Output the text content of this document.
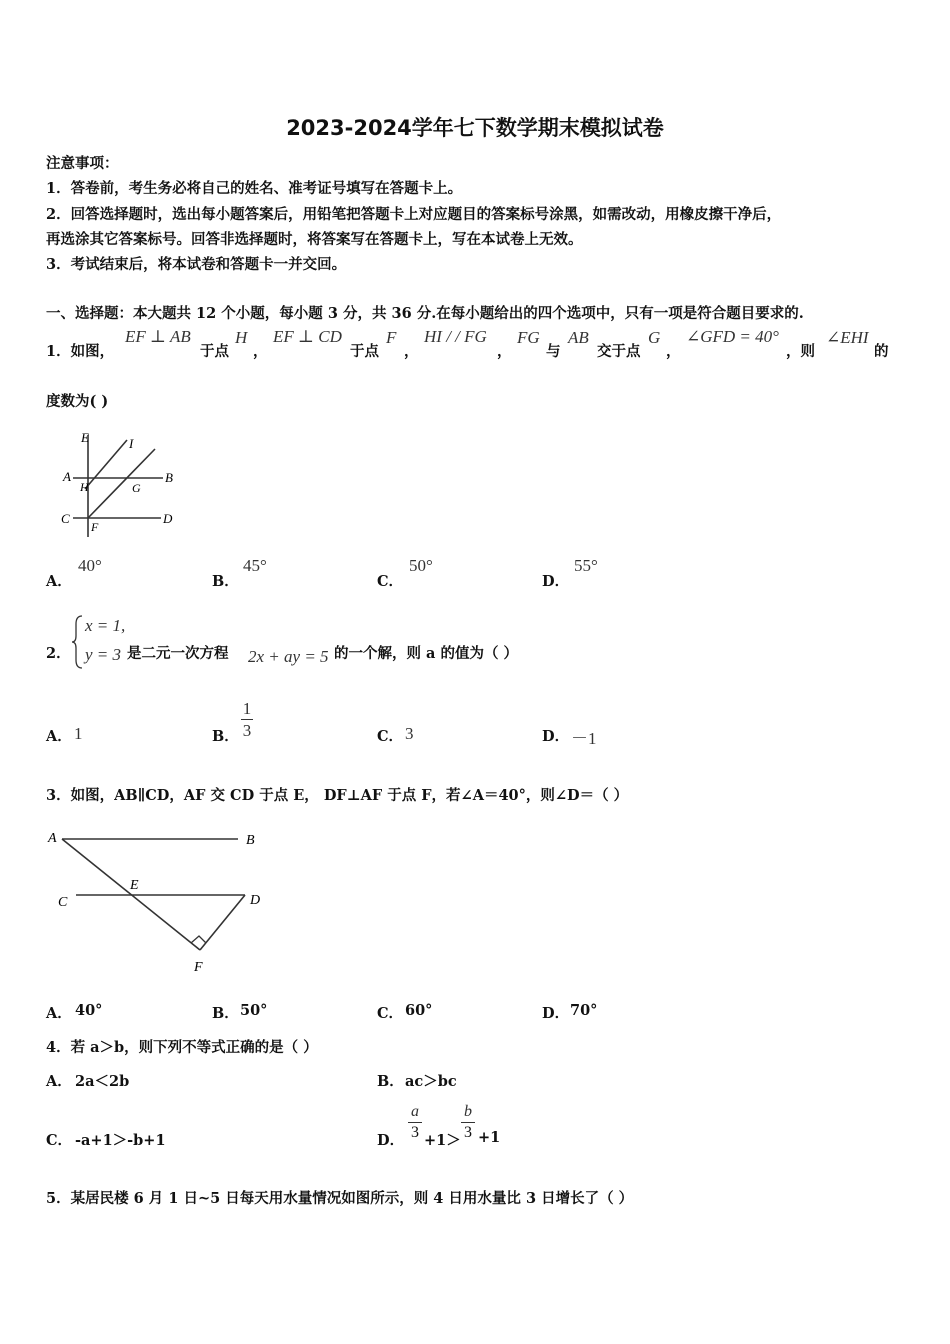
2023-2024学年七下数学期末模拟试卷
注意事项：
1．答卷前，考生务必将自己的姓名、准考证号填写在答题卡上。
2．回答选择题时，选出每小题答案后，用铅笔把答题卡上对应题目的答案标号涂黑，如需改动，用橡皮擦干净后，
再选涂其它答案标号。回答非选择题时，将答案写在答题卡上，写在本试卷上无效。
3．考试结束后，将本试卷和答题卡一并交回。
一、选择题：本大题共 12 个小题，每小题 3 分，共 36 分.在每小题给出的四个选项中，只有一项是符合题目要求的.
1．如图，
EF ⊥ AB
于点
H
，
EF ⊥ CD
于点
F
，
HI / / FG
，
FG
与
AB
交于点
G
，
∠GFD = 40°
，则
∠EHI
的
度数为( )
E	I
A
H	G
B
C
F
D
A．
40°
B．
45°
C．
50°
D．
55°
2．
x = 1,
y = 3 是二元一次方程 2x + ay = 5 的一个解，则 a 的值为（ ）
A． 1	B．
1
3	C． 3	D． －1
3．如图，AB∥CD，AF 交 CD 于点 E， DF⊥AF 于点 F，若∠A＝40°，则∠D＝（ ）
A	B
C
E
D
F
A． 40°	B． 50°	C． 60°	D． 70°
4．若 a＞b，则下列不等式正确的是（ ）
A． 2a＜2b	B． ac＞bc
C． -a+1＞-b+1	D．
a
3 +1＞
b
3 +1
5．某居民楼 6 月 1 日~5 日每天用水量情况如图所示，则 4 日用水量比 3 日增长了（ ）
